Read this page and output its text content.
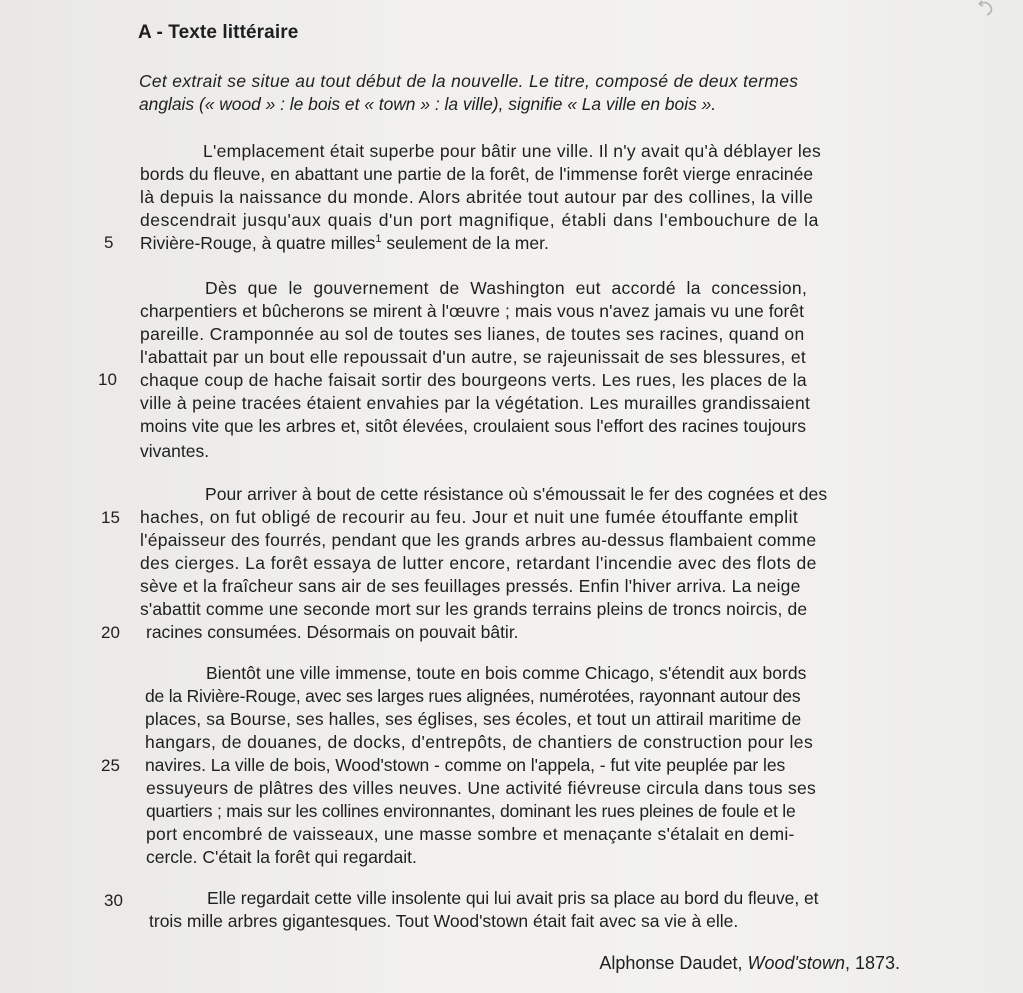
A - Texte littéraire
Cet extrait se situe au tout début de la nouvelle. Le titre, composé de deux termes
anglais (« wood » : le bois et « town » : la ville), signifie « La ville en bois ».
L'emplacement était superbe pour bâtir une ville. Il n'y avait qu'à déblayer les
bords du fleuve, en abattant une partie de la forêt, de l'immense forêt vierge enracinée
là depuis la naissance du monde. Alors abritée tout autour par des collines, la ville
descendrait jusqu'aux quais d'un port magnifique, établi dans l'embouchure de la
Rivière-Rouge, à quatre milles$^1$ seulement de la mer.
5
Dès que le gouvernement de Washington eut accordé la concession,
charpentiers et bûcherons se mirent à l'œuvre ; mais vous n'avez jamais vu une forêt
pareille. Cramponnée au sol de toutes ses lianes, de toutes ses racines, quand on
l'abattait par un bout elle repoussait d'un autre, se rajeunissait de ses blessures, et
chaque coup de hache faisait sortir des bourgeons verts. Les rues, les places de la
ville à peine tracées étaient envahies par la végétation. Les murailles grandissaient
moins vite que les arbres et, sitôt élevées, croulaient sous l'effort des racines toujours
vivantes.
10
Pour arriver à bout de cette résistance où s'émoussait le fer des cognées et des
haches, on fut obligé de recourir au feu. Jour et nuit une fumée étouffante emplit
l'épaisseur des fourrés, pendant que les grands arbres au-dessus flambaient comme
des cierges. La forêt essaya de lutter encore, retardant l'incendie avec des flots de
sève et la fraîcheur sans air de ses feuillages pressés. Enfin l'hiver arriva. La neige
s'abattit comme une seconde mort sur les grands terrains pleins de troncs noircis, de
racines consumées. Désormais on pouvait bâtir.
15
20
Bientôt une ville immense, toute en bois comme Chicago, s'étendit aux bords
de la Rivière-Rouge, avec ses larges rues alignées, numérotées, rayonnant autour des
places, sa Bourse, ses halles, ses églises, ses écoles, et tout un attirail maritime de
hangars, de douanes, de docks, d'entrepôts, de chantiers de construction pour les
navires. La ville de bois, Wood'stown - comme on l'appela, - fut vite peuplée par les
essuyeurs de plâtres des villes neuves. Une activité fiévreuse circula dans tous ses
quartiers ; mais sur les collines environnantes, dominant les rues pleines de foule et le
port encombré de vaisseaux, une masse sombre et menaçante s'étalait en demi-
cercle. C'était la forêt qui regardait.
25
Elle regardait cette ville insolente qui lui avait pris sa place au bord du fleuve, et
trois mille arbres gigantesques. Tout Wood'stown était fait avec sa vie à elle.
30
Alphonse Daudet, Wood'stown, 1873.
